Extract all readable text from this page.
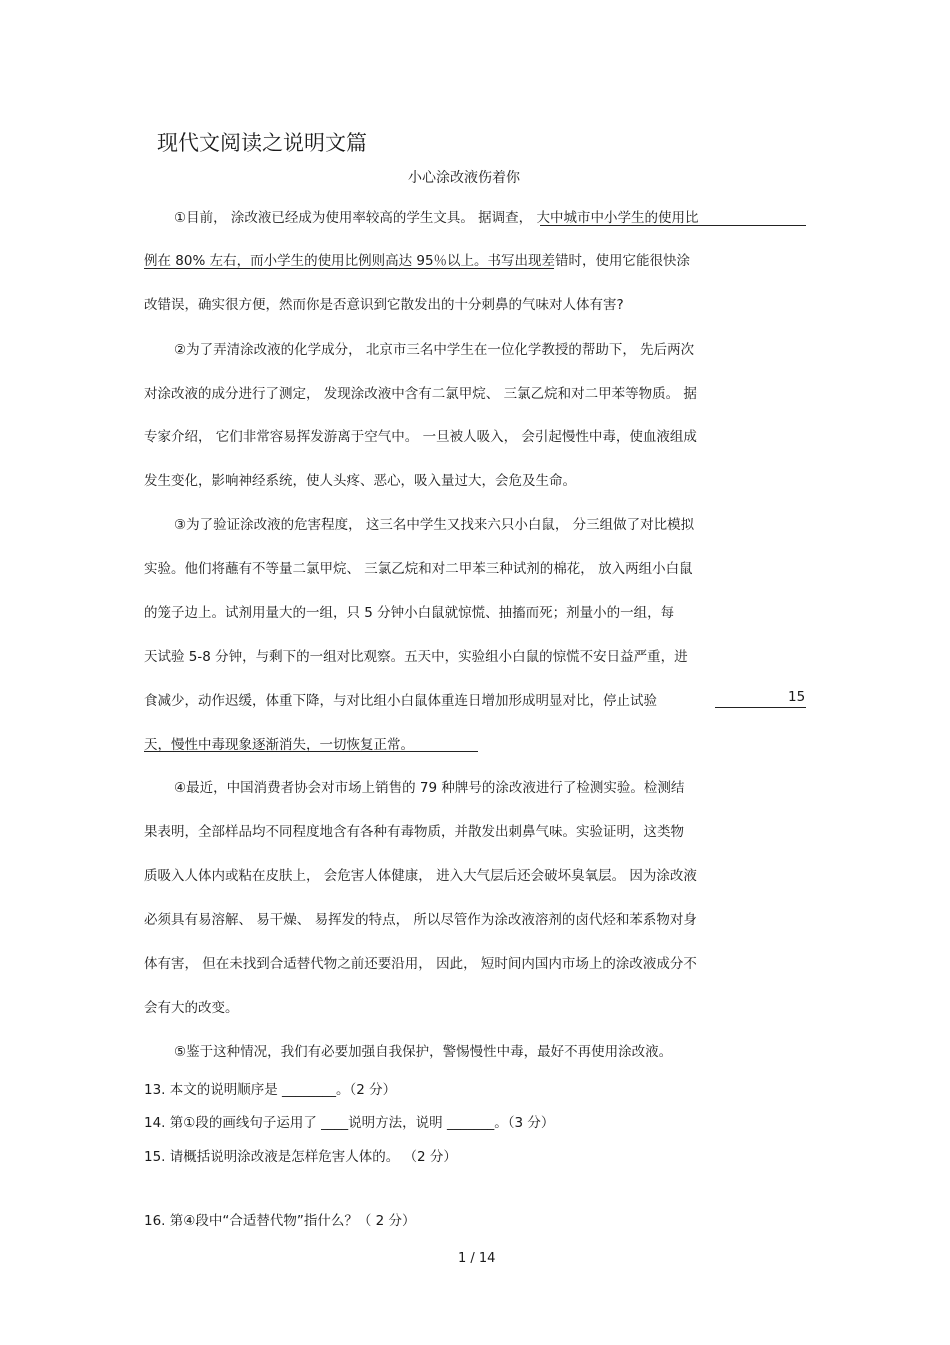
现代文阅读之说明文篇
小心涂改液伤着你
①目前， 涂改液已经成为使用率较高的学生文具。 据调查， 大中城市中小学生的使用比
例在 80% 左右，而小学生的使用比例则高达 95％以上。书写出现差错时，使用它能很快涂
改错误，确实很方便，然而你是否意识到它散发出的十分刺鼻的气味对人体有害?
②为了弄清涂改液的化学成分， 北京市三名中学生在一位化学教授的帮助下， 先后两次
对涂改液的成分进行了测定， 发现涂改液中含有二氯甲烷、 三氯乙烷和对二甲苯等物质。 据
专家介绍， 它们非常容易挥发游离于空气中。 一旦被人吸入， 会引起慢性中毒，使血液组成
发生变化，影响神经系统，使人头疼、恶心，吸入量过大，会危及生命。
③为了验证涂改液的危害程度， 这三名中学生又找来六只小白鼠， 分三组做了对比模拟
实验。他们将蘸有不等量二氯甲烷、 三氯乙烷和对二甲苯三种试剂的棉花， 放入两组小白鼠
的笼子边上。试剂用量大的一组，只 5 分钟小白鼠就惊慌、抽搐而死；剂量小的一组，每
天试验 5-8 分钟，与剩下的一组对比观察。五天中，实验组小白鼠的惊慌不安日益严重，进
食减少，动作迟缓，体重下降，与对比组小白鼠体重连日增加形成明显对比，停止试验	15
天，慢性中毒现象逐渐消失，一切恢复正常。
④最近，中国消费者协会对市场上销售的 79 种牌号的涂改液进行了检测实验。检测结
果表明，全部样品均不同程度地含有各种有毒物质，并散发出刺鼻气味。实验证明，这类物
质吸入人体内或粘在皮肤上， 会危害人体健康， 进入大气层后还会破坏臭氧层。 因为涂改液
必须具有易溶解、 易干燥、 易挥发的特点， 所以尽管作为涂改液溶剂的卤代烃和苯系物对身
体有害， 但在未找到合适替代物之前还要沿用， 因此， 短时间内国内市场上的涂改液成分不
会有大的改变。
⑤鉴于这种情况，我们有必要加强自我保护，警惕慢性中毒，最好不再使用涂改液。
13. 本文的说明顺序是 ________。（2 分）
14. 第①段的画线句子运用了 ____说明方法，说明 _______。（3 分）
15. 请概括说明涂改液是怎样危害人体的。 （2 分）
16. 第④段中“合适替代物”指什么？（ 2 分）
1 / 14
